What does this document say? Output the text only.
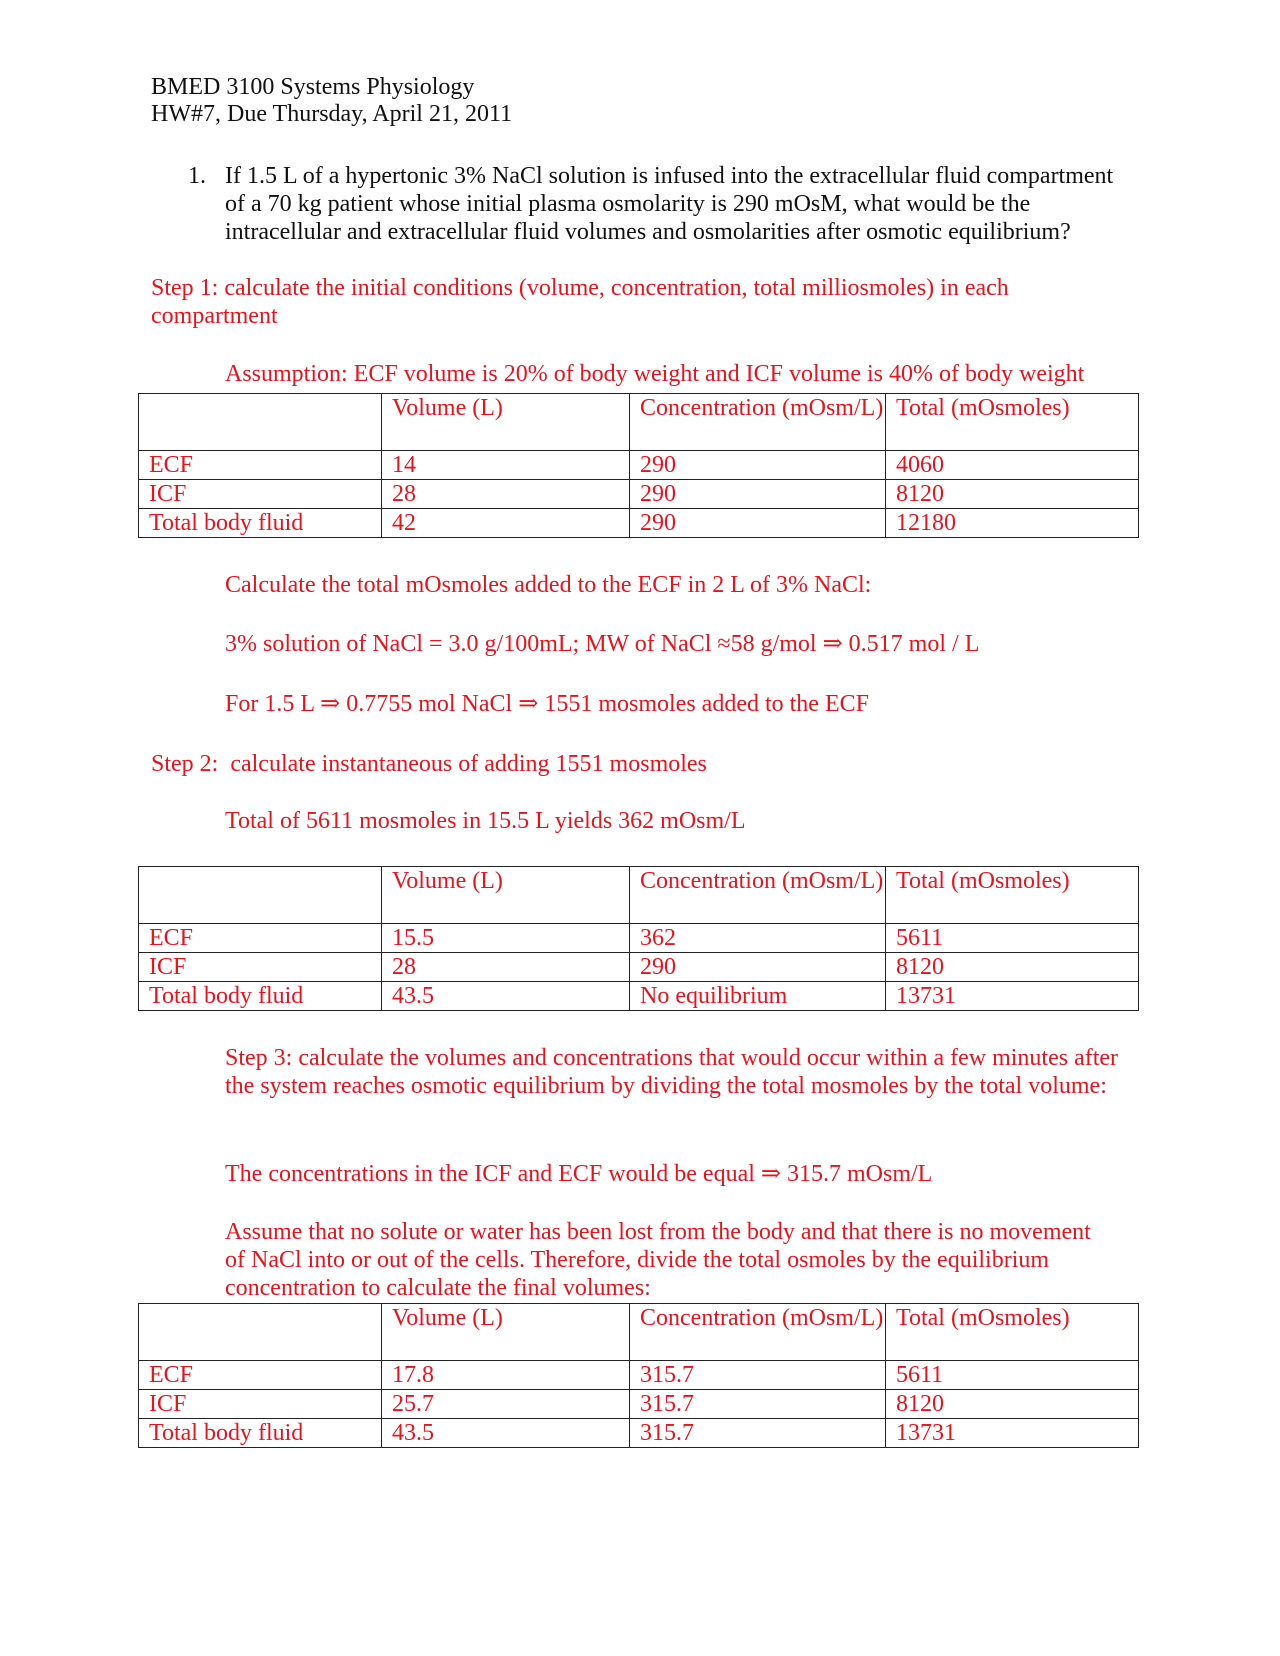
BMED 3100 Systems Physiology
HW#7, Due Thursday, April 21, 2011
1. If 1.5 L of a hypertonic 3% NaCl solution is infused into the extracellular fluid compartment of a 70 kg patient whose initial plasma osmolarity is 290 mOsM, what would be the intracellular and extracellular fluid volumes and osmolarities after osmotic equilibrium?
Step 1: calculate the initial conditions (volume, concentration, total milliosmoles) in each compartment
Assumption: ECF volume is 20% of body weight and ICF volume is 40% of body weight
	Volume (L)	Concentration (mOsm/L)	Total (mOsmoles)
ECF	14	290	4060
ICF	28	290	8120
Total body fluid	42	290	12180
Calculate the total mOsmoles added to the ECF in 2 L of 3% NaCl:
3% solution of NaCl = 3.0 g/100mL; MW of NaCl ≈58 g/mol ⇒ 0.517 mol / L
For 1.5 L ⇒ 0.7755 mol NaCl ⇒ 1551 mosmoles added to the ECF
Step 2:  calculate instantaneous of adding 1551 mosmoles
Total of 5611 mosmoles in 15.5 L yields 362 mOsm/L
	Volume (L)	Concentration (mOsm/L)	Total (mOsmoles)
ECF	15.5	362	5611
ICF	28	290	8120
Total body fluid	43.5	No equilibrium	13731
Step 3: calculate the volumes and concentrations that would occur within a few minutes after the system reaches osmotic equilibrium by dividing the total mosmoles by the total volume:
The concentrations in the ICF and ECF would be equal ⇒ 315.7 mOsm/L
Assume that no solute or water has been lost from the body and that there is no movement of NaCl into or out of the cells. Therefore, divide the total osmoles by the equilibrium concentration to calculate the final volumes:
	Volume (L)	Concentration (mOsm/L)	Total (mOsmoles)
ECF	17.8	315.7	5611
ICF	25.7	315.7	8120
Total body fluid	43.5	315.7	13731
